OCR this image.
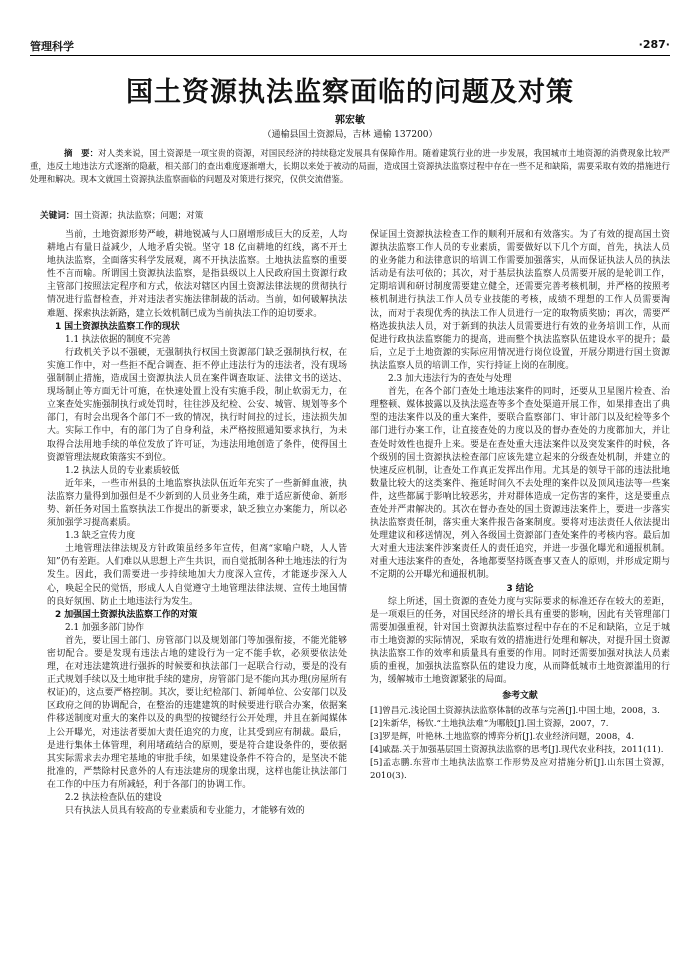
管理科学	·287·
国土资源执法监察面临的问题及对策
郭宏敏
（通榆县国土资源局，吉林 通榆 137200）
摘　要：对人类来说，国土资源是一项宝贵的资源，对国民经济的持续稳定发展具有保障作用。随着建筑行业的进一步发展，我国城市土地资源的消费现象比较严重，违反土地违法方式逐渐的隐蔽，相关部门的查出难度逐渐增大，长期以来处于被动的局面，造成国土资源执法监察过程中存在一些不足和缺陷，需要采取有效的措施进行处理和解决。现本文就国土资源执法监察面临的问题及对策进行探究，仅供交流借鉴。
关键词：国土资源；执法监察；问题；对策

当前，土地资源形势严峻，耕地锐减与人口剧增形成巨大的反差，人均耕地占有量日益减少，人地矛盾尖锐。坚守 18 亿亩耕地的红线，离不开土地执法监察，全面落实科学发展观，离不开执法监察。土地执法监察的重要性不言而喻。所谓国土资源执法监察，是指县级以上人民政府国土资源行政主管部门按照法定程序和方式，依法对辖区内国土资源法律法规的贯彻执行情况进行监督检查，并对违法者实施法律制裁的活动。当前，如何破解执法难题、探索执法新路，建立长效机制已成为当前执法工作的迫切要求。

1 国土资源执法监察工作的现状
1.1 执法依据的制度不完善

行政机关予以不强硬，无强制执行权国土资源部门缺乏强制执行权，在实施工作中，对一些拒不配合调查、拒不停止违法行为的违法者，没有现场强制制止措施，造成国土资源执法人员在案件调查取证、法律文书的送达、现场制止等方面无计可施，在快速处置上没有实施手段，制止软弱无力，在立案查处实施强制执行或处罚时，往往涉及纪检、公安、城管、规划等多个部门，有时会出现各个部门不一致的情况，执行时间拉的过长，违法损失加大。实际工作中，有的部门为了自身利益，未严格按照通知要求执行，为未取得合法用地手续的单位发放了许可证，为违法用地创造了条件，使得国土资源管理法规政策落实不到位。

1.2 执法人员的专业素质较低

近年来，一些市州县的土地监察执法队伍近年充实了一些新鲜血液，执法监察力量得到加强但是不少新到的人员业务生疏，难于适应新使命、新形势、新任务对国土监察执法工作提出的新要求，缺乏独立办案能力，所以必须加强学习提高素质。

1.3 缺乏宣传力度

土地管理法律法规及方针政策虽经多年宣传，但离“家喻户晓，人人皆知”仍有差距。人们难以从思想上产生共识，而自觉抵制各种土地违法的行为发生。因此，我们需要进一步持续地加大力度深入宣传，才能逐步深入人心，唤起全民的觉悟，形成人人自觉遵守土地管理法律法规、宣传土地国情的良好氛围、防止土地违法行为发生。

2 加强国土资源执法监察工作的对策
2.1 加强多部门协作

首先，要让国土部门、房管部门以及规划部门等加强衔接，不能光能够密切配合。要是发现有违法占地的建设行为一定不能手软，必须要依法处理，在对违法建筑进行强拆的时候要和执法部门一起联合行动，要是的没有正式规划手续以及土地审批手续的建房，房管部门是不能向其办理(房屋所有权证)的，这点要严格控制。其次，要让纪检部门、新闻单位、公安部门以及区政府之间的协调配合，在整治的违建建筑的时候要进行联合办案，依据案件移送制度对重大的案件以及的典型的按键经行公开处理，并且在新闻媒体上公开曝光，对违法者要加大责任追究的力度，让其受到应有制裁。最后，是进行集体土体管理，利用堵疏结合的原则，要是符合建设条件的，要依据其实际需求去办理宅基地的审批手续，如果建设条件不符合的，是坚决不能批准的，严禁除村民意外的人有违法建房的现象出现，这样也能让执法部门在工作的中压力有所减轻，利于各部门的协调工作。

2.2 执法检查队伍的建设

只有执法人员具有较高的专业素质和专业能力，才能够有效的

保证国土资源执法检查工作的顺利开展和有效落实。为了有效的提高国土资源执法监察工作人员的专业素质，需要做好以下几个方面，首先，执法人员的业务能力和法律意识的培训工作需要加强落实，从而保证执法人员的执法活动是有法可依的；其次，对于基层执法监察人员需要开展的是轮训工作，定期培训和研讨制度需要建立健全，还需要完善考核机制，并严格的按照考核机制进行执法工作人员专业技能的考核，成绩不理想的工作人员需要淘汰，而对于表现优秀的执法工作人员进行一定的取物质奖励；再次，需要严格选拔执法人员，对于新到的执法人员需要进行有效的业务培训工作，从而促进行政执法监察能力的提高，进而整个执法监察队伍建设水平的提升；最后，立足于土地资源的实际应用情况进行岗位设置，开展分期进行国土资源执法监察人员的培训工作，实行持证上岗的在制度。

2.3 加大违法行为的查处与处理

首先，在各个部门查处土地违法案件的同时，还要从卫星图片检查、治理整顿、媒体披露以及执法巡查等多个查处渠道开展工作，如果排查出了典型的违法案件以及的重大案件，要联合监察部门、审计部门以及纪检等多个部门进行办案工作，让直接查处的力度以及的督办查处的力度都加大，并让查处时效性也提升上来。要是在查处重大违法案件以及突发案件的时候，各个级别的国土资源执法检查部门应该先建立起来的分级查处机制，并建立的快速反应机制，让查处工作真正发挥出作用。尤其是的领导干部的违法批地数量比较大的这类案件、拖延时间久不去处理的案件以及顶风违法等一些案件，这些都属于影响比较恶劣，并对群体造成一定伤害的案件，这是要重点查处并严肃解决的。其次在督办查处的国土资源违法案件上，要进一步落实执法监察责任制，落实重大案件报告备案制度。要将对违法责任人依法提出处理建议和移送情况，列入各级国土资源部门查处案件的考核内容。最后加大对重大违法案件涉案责任人的责任追究，并进一步强化曝光和通报机制。对重大违法案件的查处，各地都要坚持既查事又查人的原则，并形成定期与不定期的公开曝光和通报机制。

3 结论

综上所述，国土资源的查处力度与实际要求的标准还存在较大的差距，是一项艰巨的任务，对国民经济的增长具有重要的影响，因此有关管理部门需要加强重视，针对国土资源执法监察过程中存在的不足和缺陷，立足于城市土地资源的实际情况，采取有效的措施进行处理和解决，对提升国土资源执法监察工作的效率和质量具有重要的作用。同时还需要加强对执法人员素质的重视，加强执法监察队伍的建设力度，从而降低城市土地资源滥用的行为，缓解城市土地资源紧张的局面。

参考文献
[1]曾昌元.浅论国土资源执法监察体制的改革与完善[J].中国土地，2008，3.
[2]朱新华，杨钦.“土地执法难”为哪般[J].国土资源，2007，7.
[3]罗是辉，叶艳林.土地监察的博弈分析[J].农业经济问题，2008，4.
[4]戚磊.关于加强基层国土资源执法监察的思考[J].现代农业科技，2011(11).
[5]孟志鹏.东营市土地执法监察工作形势及应对措施分析[J].山东国土资源，2010(3).
